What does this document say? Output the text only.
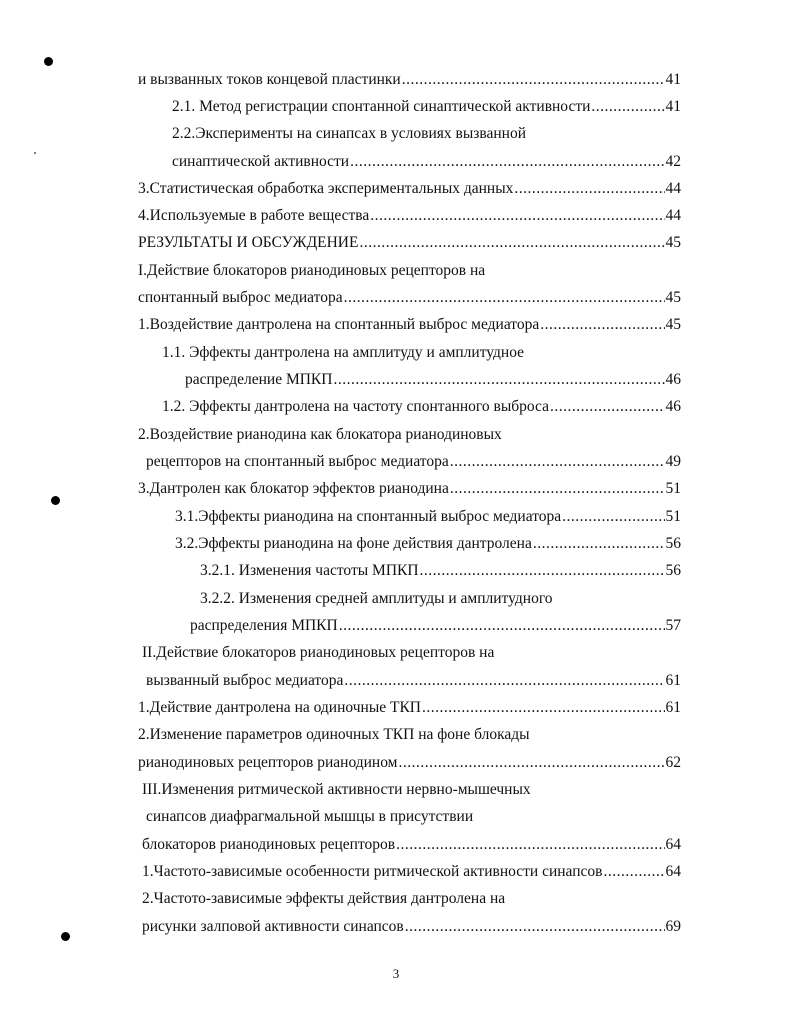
и вызванных токов концевой пластинки .....	41
2.1. Метод регистрации спонтанной синаптической активности .....	41
2.2.Эксперименты на синапсах в условиях вызванной
синаптической активности .....	42
3.Статистическая обработка экспериментальных данных .....	44
4.Используемые в работе вещества .....	44
РЕЗУЛЬТАТЫ И ОБСУЖДЕНИЕ .....	45
I.Действие блокаторов рианодиновых рецепторов на
спонтанный выброс медиатора .....	45
1.Воздействие дантролена на спонтанный выброс медиатора .....	45
1.1. Эффекты дантролена на амплитуду и амплитудное
распределение МПКП .....	46
1.2. Эффекты дантролена на частоту спонтанного выброса .....	46
2.Воздействие рианодина как блокатора рианодиновых
рецепторов на спонтанный выброс медиатора .....	49
3.Дантролен как блокатор эффектов рианодина .....	51
3.1.Эффекты рианодина на спонтанный выброс медиатора .....	51
3.2.Эффекты рианодина на фоне действия дантролена .....	56
3.2.1. Изменения частоты МПКП .....	56
3.2.2. Изменения средней амплитуды и амплитудного
распределения МПКП .....	57
II.Действие блокаторов рианодиновых рецепторов на
вызванный выброс медиатора .....	61
1.Действие дантролена на одиночные ТКП .....	61
2.Изменение параметров одиночных ТКП на фоне блокады
рианодиновых рецепторов рианодином .....	62
III.Изменения ритмической активности нервно-мышечных
синапсов диафрагмальной мышцы в присутствии
блокаторов рианодиновых рецепторов .....	64
1.Частото-зависимые особенности ритмической активности синапсов .....	64
2.Частото-зависимые эффекты действия дантролена на
рисунки залповой активности синапсов .....	69
3
